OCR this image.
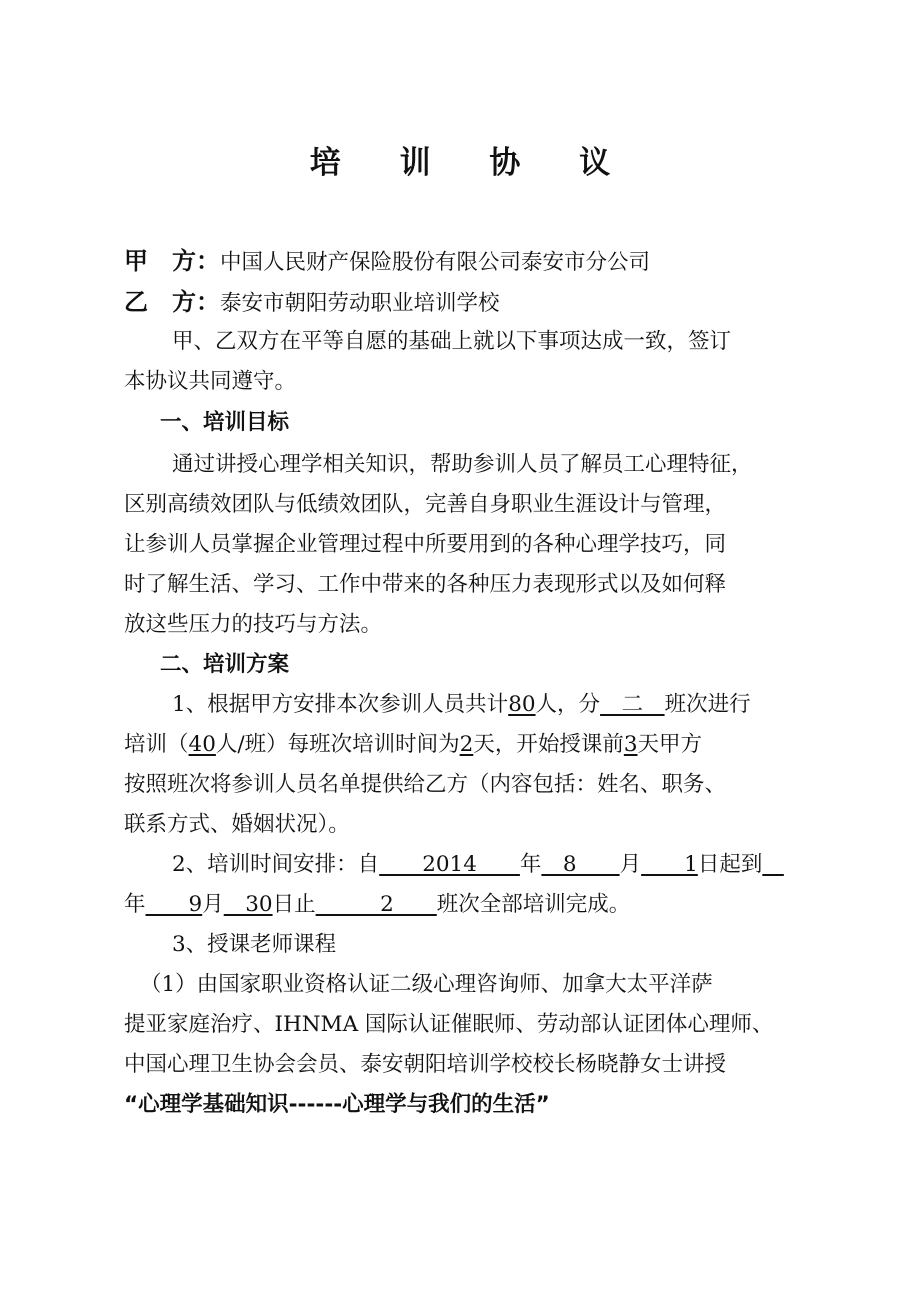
培 训 协 议
甲　方：中国人民财产保险股份有限公司泰安市分公司
乙　方：泰安市朝阳劳动职业培训学校
甲、乙双方在平等自愿的基础上就以下事项达成一致，签订
本协议共同遵守。
一、培训目标
通过讲授心理学相关知识，帮助参训人员了解员工心理特征，
区别高绩效团队与低绩效团队，完善自身职业生涯设计与管理，
让参训人员掌握企业管理过程中所要用到的各种心理学技巧，同
时了解生活、学习、工作中带来的各种压力表现形式以及如何释
放这些压力的技巧与方法。
二、培训方案
1、根据甲方安排本次参训人员共计80人，分　二　班次进行
培训（40人/班）每班次培训时间为2天，开始授课前3天甲方
按照班次将参训人员名单提供给乙方（内容包括：姓名、职务、
联系方式、婚姻状况）。
2、培训时间安排：自　　2014　　年　8　　月　　1日起到　
年　　9月　30日止　　　2　　班次全部培训完成。
3、授课老师课程
（1）由国家职业资格认证二级心理咨询师、加拿大太平洋萨
提亚家庭治疗、IHNMA 国际认证催眠师、劳动部认证团体心理师、
中国心理卫生协会会员、泰安朝阳培训学校校长杨晓静女士讲授
“心理学基础知识------心理学与我们的生活”
